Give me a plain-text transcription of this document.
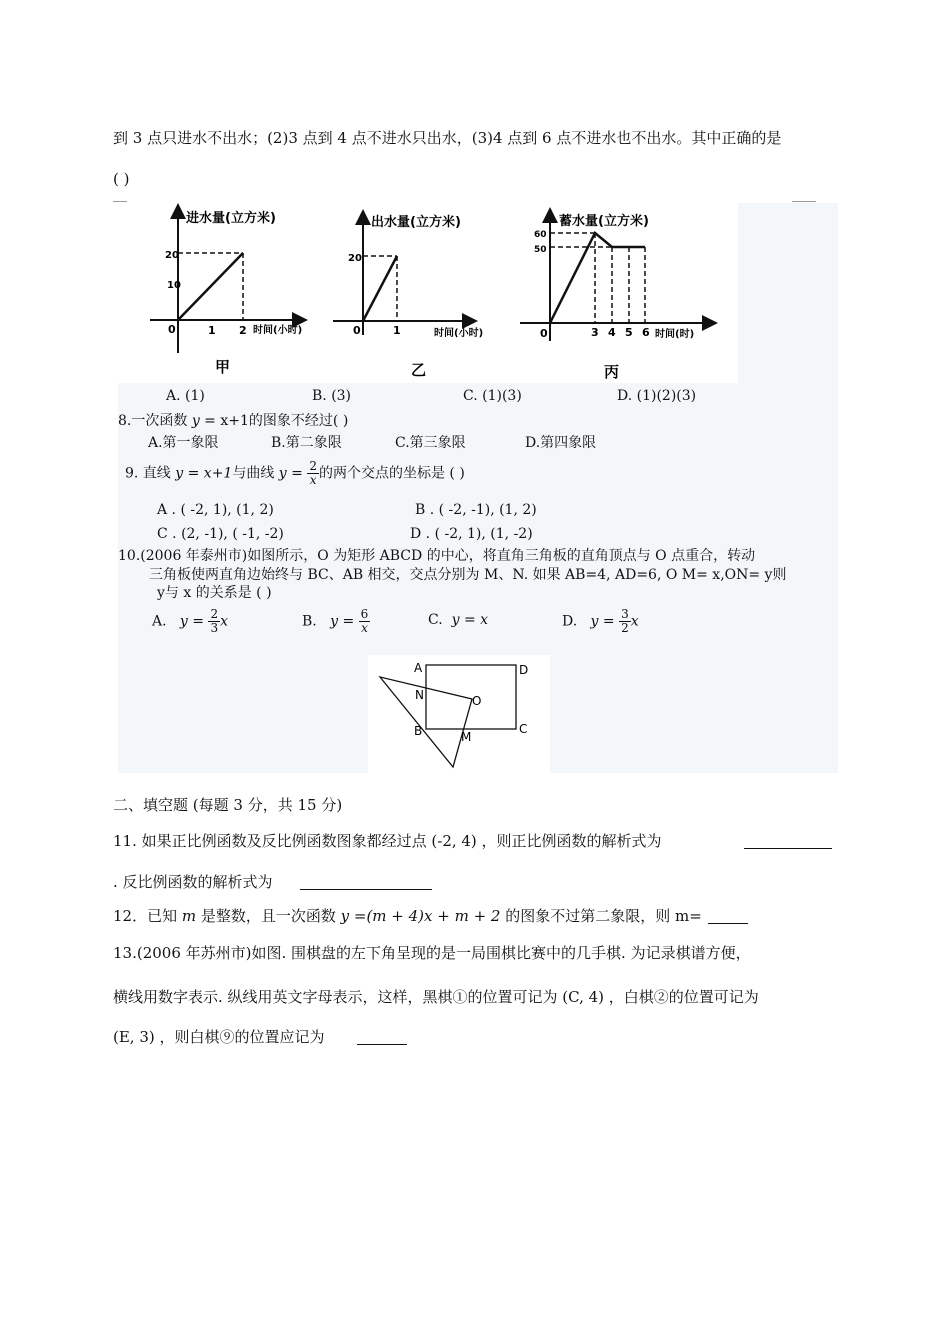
到 3 点只进水不出水；(2)3 点到 4 点不进水只出水，(3)4 点到 6 点不进水也不出水。其中正确的是
( )
进水量(立方米)
时间(小时)
0
10
20
1 2
甲
出水量(立方米)
时间(小时)
0
20
1
乙
蓄水量(立方米)
时间(时)
0
50
60
3 4 5 6
丙
A. (1)	B. (3)	C. (1)(3)	D. (1)(2)(3)
8.一次函数 y = x+1的图象不经过( )
A.第一象限	B.第二象限	C.第三象限	D.第四象限
9. 直线 y = x+1与曲线 $y = \frac{2}{x}$ 的两个交点的坐标是 ( )
A . ( -2, 1), (1, 2)	B . ( -2, -1), (1, 2)
C . (2, -1), ( -1, -2)	D . ( -2, 1), (1, -2)
10.(2006 年泰州市)如图所示，O 为矩形 ABCD 的中心，将直角三角板的直角顶点与 O 点重合，转动
三角板使两直角边始终与 BC、AB 相交，交点分别为 M、N. 如果 AB=4, AD=6, O M= x,ON= y则
y与 x 的关系是 ( )
A. $y = \frac{2}{3}$ x	B. $y = \frac{6}{x}$	C. y = x	D. $y = \frac{3}{2}$ x
A	D
N	O
B	M
C
二、填空题 (每题 3 分，共 15 分)
11. 如果正比例函数及反比例函数图象都经过点 (-2, 4) ，则正比例函数的解析式为
. 反比例函数的解析式为
12．已知 m 是整数，且一次函数 y =(m + 4)x + m + 2 的图象不过第二象限，则 m=
13.(2006 年苏州市)如图. 围棋盘的左下角呈现的是一局围棋比赛中的几手棋. 为记录棋谱方便，
横线用数字表示. 纵线用英文字母表示，这样，黑棋①的位置可记为 (C, 4) ，白棋②的位置可记为
(E, 3) ，则白棋⑨的位置应记为
